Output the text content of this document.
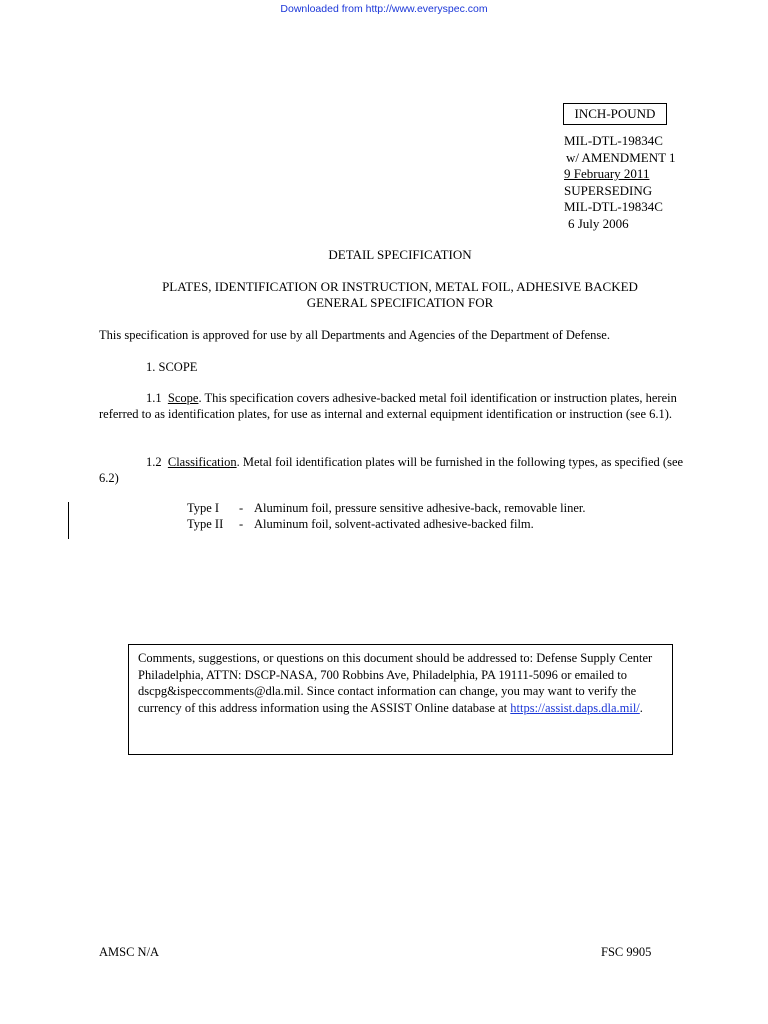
Downloaded from http://www.everyspec.com
INCH-POUND
MIL-DTL-19834C
w/ AMENDMENT 1
9 February 2011
SUPERSEDING
MIL-DTL-19834C
6 July 2006
DETAIL SPECIFICATION
PLATES, IDENTIFICATION OR INSTRUCTION, METAL FOIL, ADHESIVE BACKED
GENERAL SPECIFICATION FOR
This specification is approved for use by all Departments and Agencies of the Department of Defense.
1. SCOPE
1.1 Scope. This specification covers adhesive-backed metal foil identification or instruction plates, herein referred to as identification plates, for use as internal and external equipment identification or instruction (see 6.1).
1.2 Classification. Metal foil identification plates will be furnished in the following types, as specified (see 6.2)
Type I - Aluminum foil, pressure sensitive adhesive-back, removable liner.
Type II - Aluminum foil, solvent-activated adhesive-backed film.
Comments, suggestions, or questions on this document should be addressed to: Defense Supply Center Philadelphia, ATTN: DSCP-NASA, 700 Robbins Ave, Philadelphia, PA 19111-5096 or emailed to dscpg&ispeccomments@dla.mil. Since contact information can change, you may want to verify the currency of this address information using the ASSIST Online database at https://assist.daps.dla.mil/.
AMSC N/A	FSC 9905
